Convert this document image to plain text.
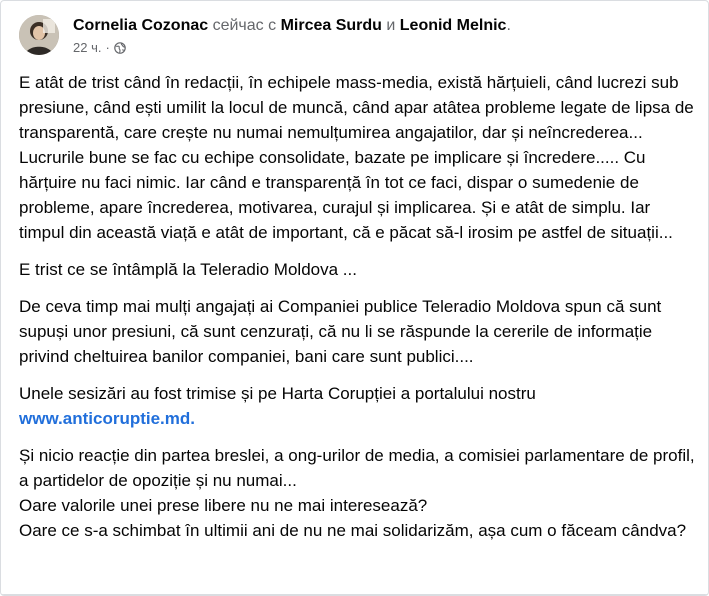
Cornelia Cozonac сейчас с Mircea Surdu и Leonid Melnic.
22 ч. ·

E atât de trist când în redacții, în echipele mass-media, există hărțuieli, când lucrezi sub presiune, când ești umilit la locul de muncă, când apar atâtea probleme legate de lipsa de transparentă, care crește nu numai nemulțumirea angajatilor, dar și neîncrederea... Lucrurile bune se fac cu echipe consolidate, bazate pe implicare și încredere..... Cu hărțuire nu faci nimic. Iar când e transparență în tot ce faci, dispar o sumedenie de probleme, apare încrederea, motivarea, curajul și implicarea. Și e atât de simplu. Iar timpul din această viață e atât de important, că e păcat să-l irosim pe astfel de situații...

E trist ce se întâmplă la Teleradio Moldova ...

De ceva timp mai mulți angajați ai Companiei publice Teleradio Moldova spun că sunt supuși unor presiuni, că sunt cenzurați, că nu li se răspunde la cererile de informație privind cheltuirea banilor companiei, bani care sunt publici....

Unele sesizări au fost trimise și pe Harta Corupției a portalului nostru
www.anticoruptie.md.

Și nicio reacție din partea breslei, a ong-urilor de media, a comisiei parlamentare de profil, a partidelor de opoziție și nu numai...
Oare valorile unei prese libere nu ne mai interesează?
Oare ce s-a schimbat în ultimii ani de nu ne mai solidarizăm, așa cum o făceam cândva?
